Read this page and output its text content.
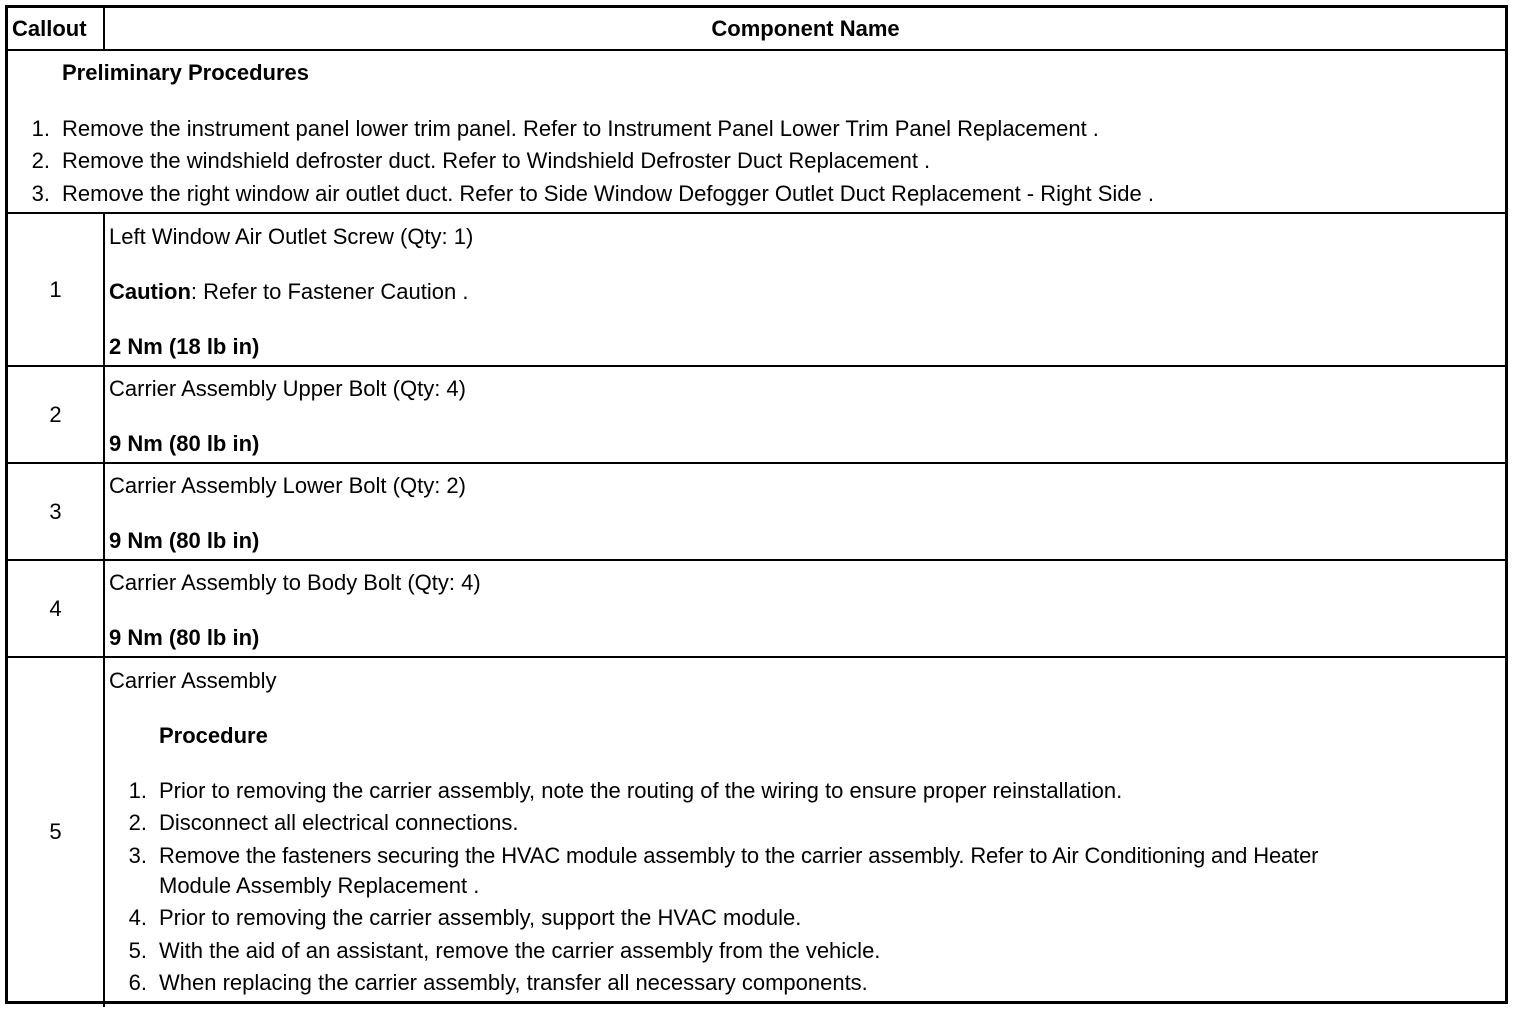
Callout	Component Name
Preliminary Procedures
1. Remove the instrument panel lower trim panel. Refer to Instrument Panel Lower Trim Panel Replacement .
2. Remove the windshield defroster duct. Refer to Windshield Defroster Duct Replacement .
3. Remove the right window air outlet duct. Refer to Side Window Defogger Outlet Duct Replacement - Right Side .
1
Left Window Air Outlet Screw (Qty: 1)
Caution: Refer to Fastener Caution .
2 Nm (18 lb in)
2
Carrier Assembly Upper Bolt (Qty: 4)
9 Nm (80 lb in)
3
Carrier Assembly Lower Bolt (Qty: 2)
9 Nm (80 lb in)
4
Carrier Assembly to Body Bolt (Qty: 4)
9 Nm (80 lb in)
5
Carrier Assembly
Procedure
1. Prior to removing the carrier assembly, note the routing of the wiring to ensure proper reinstallation.
2. Disconnect all electrical connections.
3. Remove the fasteners securing the HVAC module assembly to the carrier assembly. Refer to Air Conditioning and Heater
Module Assembly Replacement .
4. Prior to removing the carrier assembly, support the HVAC module.
5. With the aid of an assistant, remove the carrier assembly from the vehicle.
6. When replacing the carrier assembly, transfer all necessary components.
